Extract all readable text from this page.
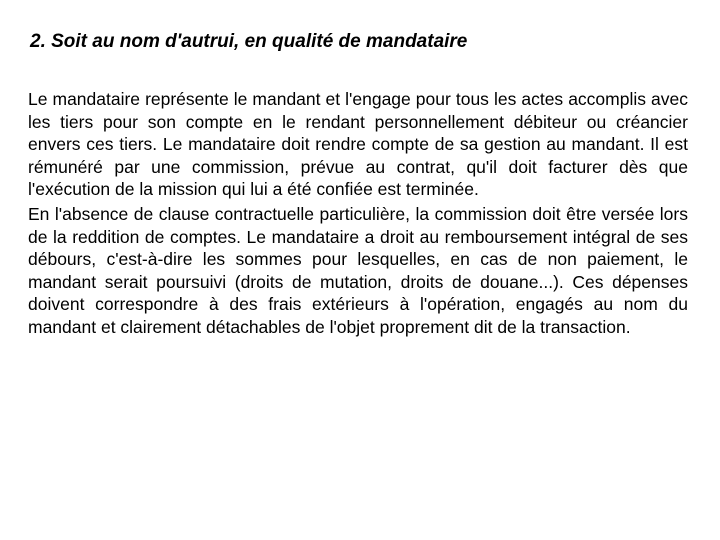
2. Soit au nom d'autrui, en qualité de mandataire

Le mandataire représente le mandant et l'engage pour tous les actes accomplis avec les tiers pour son compte en le rendant personnellement débiteur ou créancier envers ces tiers. Le mandataire doit rendre compte de sa gestion au mandant. Il est rémunéré par une commission, prévue au contrat, qu'il doit facturer dès que l'exécution de la mission qui lui a été confiée est terminée.

En l'absence de clause contractuelle particulière, la commission doit être versée lors de la reddition de comptes. Le mandataire a droit au remboursement intégral de ses débours, c'est-à-dire les sommes pour lesquelles, en cas de non paiement, le mandant serait poursuivi (droits de mutation, droits de douane...). Ces dépenses doivent correspondre à des frais extérieurs à l'opération, engagés au nom du mandant et clairement détachables de l'objet proprement dit de la transaction.
